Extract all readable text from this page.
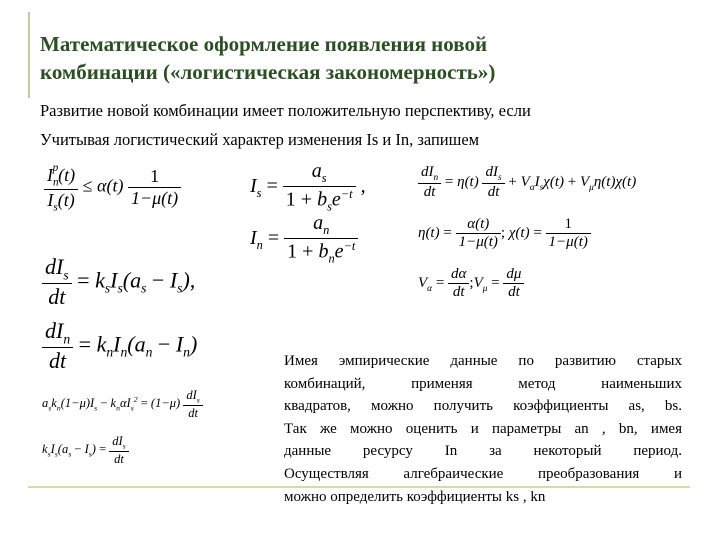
Математическое оформление появления новой
комбинации («логистическая закономерность»)
Развитие новой комбинации имеет положительную перспективу, если
Учитывая логистический характер изменения Is и In, запишем
$\frac{I_n^p(t)}{I_s(t)} \le \alpha(t) \frac{1}{1-\mu(t)}$	$I_s = \frac{a_s}{1 + b_se^{-t}}$ ,
$I_n = \frac{a_n}{1 + b_ne^{-t}}$
$\frac{dI_n}{dt} = \eta(t) \frac{dI_s}{dt} + V_\alpha I_s\chi(t) + V_\mu\eta(t)\chi(t)$
$\eta(t) = \frac{\alpha(t)}{1-\mu(t)}$ ; $\chi(t) = \frac{1}{1-\mu(t)}$
$V_\alpha = \frac{d\alpha}{dt}$ $;V_\mu = \frac{d\mu}{dt}$
$\frac{dI_s}{dt} = k_sI_s(a_s - I_s)$,
$\frac{dI_n}{dt} = k_nI_n(a_n - I_n)$
$a_sk_n(1-\mu)I_s - k_n\alpha I_s^2 = (1-\mu) \frac{dI_s}{dt}$
$k_sI_s(a_s - I_s) = \frac{dI_s}{dt}$
Имея эмпирические данные по развитию старых
комбинаций, применяя метод наименьших
квадратов, можно получить коэффициенты as, bs.
Так же можно оценить и параметры an , bn, имея
данные ресурсу In за некоторый период.
Осуществляя алгебраические преобразования и
можно определить коэффициенты ks , kn
